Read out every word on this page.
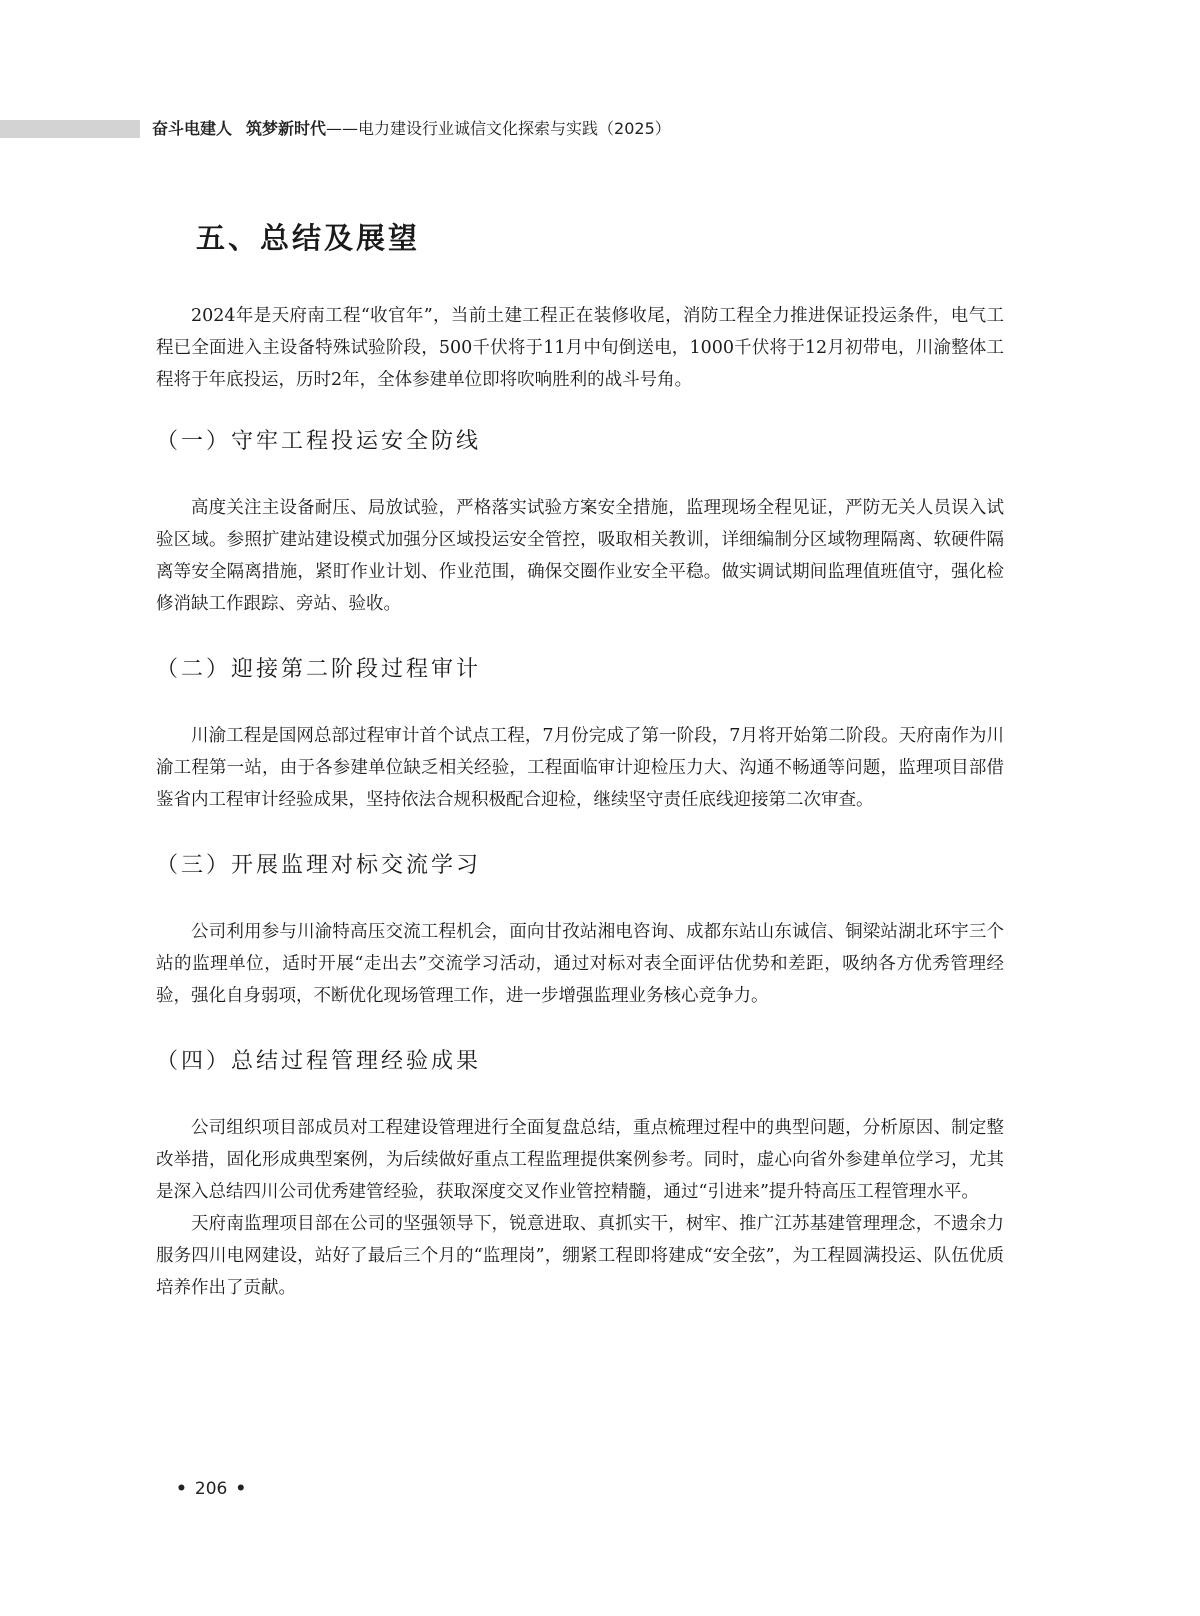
奋斗电建人 筑梦新时代——电力建设行业诚信文化探索与实践（2025）
五、总结及展望

2024年是天府南工程“收官年”，当前土建工程正在装修收尾，消防工程全力推进保证投运条件，电气工程已全面进入主设备特殊试验阶段，500千伏将于11月中旬倒送电，1000千伏将于12月初带电，川渝整体工程将于年底投运，历时2年，全体参建单位即将吹响胜利的战斗号角。

（一）守牢工程投运安全防线

高度关注主设备耐压、局放试验，严格落实试验方案安全措施，监理现场全程见证，严防无关人员误入试验区域。参照扩建站建设模式加强分区域投运安全管控，吸取相关教训，详细编制分区域物理隔离、软硬件隔离等安全隔离措施，紧盯作业计划、作业范围，确保交圈作业安全平稳。做实调试期间监理值班值守，强化检修消缺工作跟踪、旁站、验收。

（二）迎接第二阶段过程审计

川渝工程是国网总部过程审计首个试点工程，7月份完成了第一阶段，7月将开始第二阶段。天府南作为川渝工程第一站，由于各参建单位缺乏相关经验，工程面临审计迎检压力大、沟通不畅通等问题，监理项目部借鉴省内工程审计经验成果，坚持依法合规积极配合迎检，继续坚守责任底线迎接第二次审查。

（三）开展监理对标交流学习

公司利用参与川渝特高压交流工程机会，面向甘孜站湘电咨询、成都东站山东诚信、铜梁站湖北环宇三个站的监理单位，适时开展“走出去”交流学习活动，通过对标对表全面评估优势和差距，吸纳各方优秀管理经验，强化自身弱项，不断优化现场管理工作，进一步增强监理业务核心竞争力。

（四）总结过程管理经验成果

公司组织项目部成员对工程建设管理进行全面复盘总结，重点梳理过程中的典型问题，分析原因、制定整改举措，固化形成典型案例，为后续做好重点工程监理提供案例参考。同时，虚心向省外参建单位学习，尤其是深入总结四川公司优秀建管经验，获取深度交叉作业管控精髓，通过“引进来”提升特高压工程管理水平。

天府南监理项目部在公司的坚强领导下，锐意进取、真抓实干，树牢、推广江苏基建管理理念，不遗余力服务四川电网建设，站好了最后三个月的“监理岗”，绷紧工程即将建成“安全弦”，为工程圆满投运、队伍优质培养作出了贡献。

• 206 •
